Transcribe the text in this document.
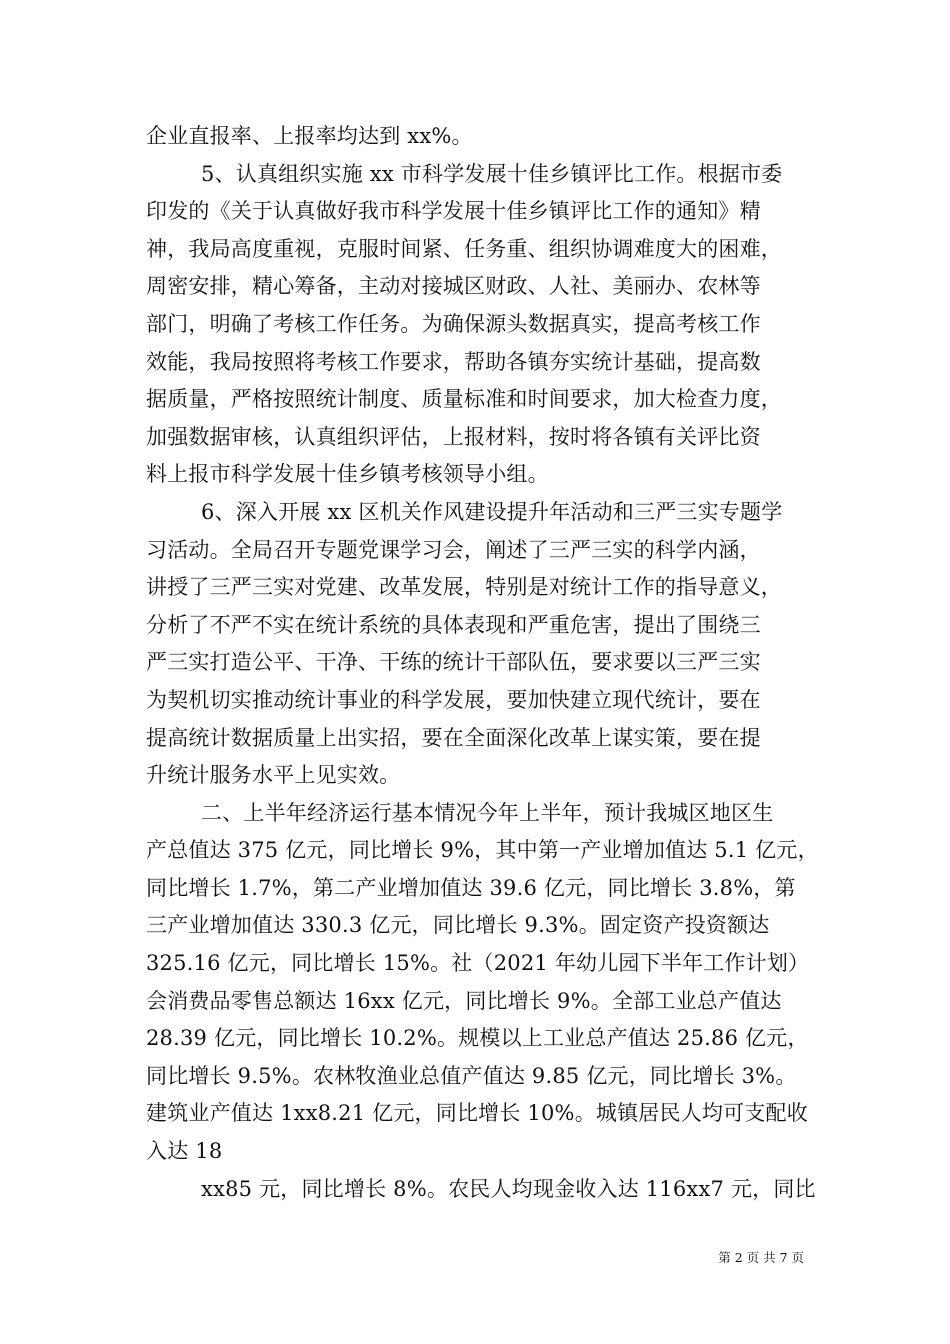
企业直报率、上报率均达到 xx%。
5、认真组织实施 xx 市科学发展十佳乡镇评比工作。根据市委
印发的《关于认真做好我市科学发展十佳乡镇评比工作的通知》精
神，我局高度重视，克服时间紧、任务重、组织协调难度大的困难，
周密安排，精心筹备，主动对接城区财政、人社、美丽办、农林等
部门，明确了考核工作任务。为确保源头数据真实，提高考核工作
效能，我局按照将考核工作要求，帮助各镇夯实统计基础，提高数
据质量，严格按照统计制度、质量标准和时间要求，加大检查力度，
加强数据审核，认真组织评估，上报材料，按时将各镇有关评比资
料上报市科学发展十佳乡镇考核领导小组。
6、深入开展 xx 区机关作风建设提升年活动和三严三实专题学
习活动。全局召开专题党课学习会，阐述了三严三实的科学内涵，
讲授了三严三实对党建、改革发展，特别是对统计工作的指导意义，
分析了不严不实在统计系统的具体表现和严重危害，提出了围绕三
严三实打造公平、干净、干练的统计干部队伍，要求要以三严三实
为契机切实推动统计事业的科学发展，要加快建立现代统计，要在
提高统计数据质量上出实招，要在全面深化改革上谋实策，要在提
升统计服务水平上见实效。
二、上半年经济运行基本情况今年上半年，预计我城区地区生
产总值达 375 亿元，同比增长 9%，其中第一产业增加值达 5.1 亿元，
同比增长 1.7%，第二产业增加值达 39.6 亿元，同比增长 3.8%，第
三产业增加值达 330.3 亿元，同比增长 9.3%。固定资产投资额达
325.16 亿元，同比增长 15%。社（2021 年幼儿园下半年工作计划）
会消费品零售总额达 16xx 亿元，同比增长 9%。全部工业总产值达
28.39 亿元，同比增长 10.2%。规模以上工业总产值达 25.86 亿元，
同比增长 9.5%。农林牧渔业总值产值达 9.85 亿元，同比增长 3%。
建筑业产值达 1xx8.21 亿元，同比增长 10%。城镇居民人均可支配收
入达 18
xx85 元，同比增长 8%。农民人均现金收入达 116xx7 元，同比
第 2 页 共 7 页
